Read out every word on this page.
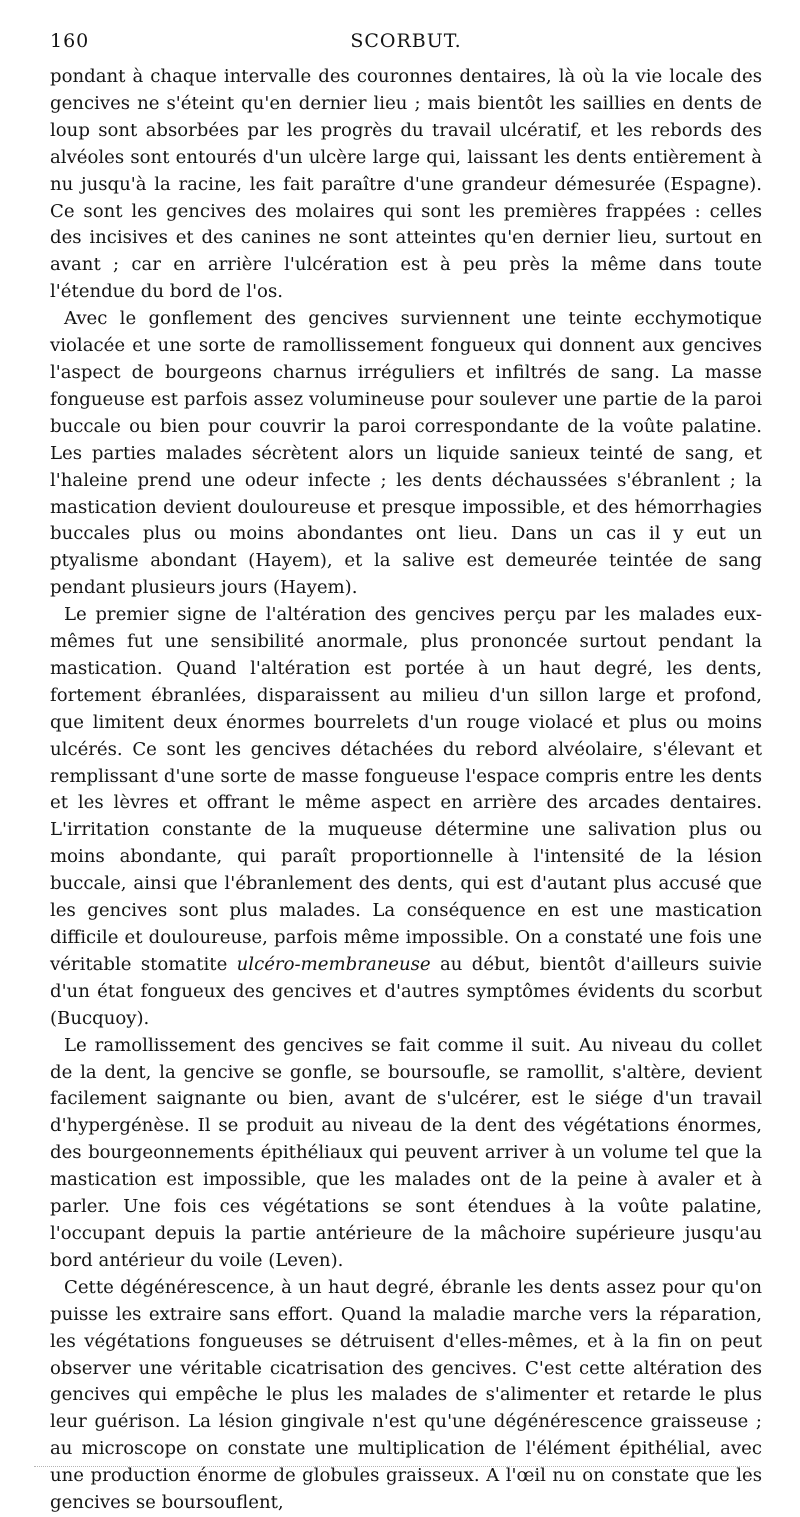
160	SCORBUT.

pondant à chaque intervalle des couronnes dentaires, là où la vie locale des gencives ne s'éteint qu'en dernier lieu ; mais bientôt les saillies en dents de loup sont absorbées par les progrès du travail ulcératif, et les rebords des alvéoles sont entourés d'un ulcère large qui, laissant les dents entièrement à nu jusqu'à la racine, les fait paraître d'une grandeur démesurée (Espagne). Ce sont les gencives des molaires qui sont les premières frappées : celles des incisives et des canines ne sont atteintes qu'en dernier lieu, surtout en avant ; car en arrière l'ulcération est à peu près la même dans toute l'étendue du bord de l'os.

Avec le gonflement des gencives surviennent une teinte ecchymotique violacée et une sorte de ramollissement fongueux qui donnent aux gencives l'aspect de bourgeons charnus irréguliers et infiltrés de sang. La masse fongueuse est parfois assez volumineuse pour soulever une partie de la paroi buccale ou bien pour couvrir la paroi correspondante de la voûte palatine. Les parties malades sécrètent alors un liquide sanieux teinté de sang, et l'haleine prend une odeur infecte ; les dents déchaussées s'ébranlent ; la mastication devient douloureuse et presque impossible, et des hémorrhagies buccales plus ou moins abondantes ont lieu. Dans un cas il y eut un ptyalisme abondant (Hayem), et la salive est demeurée teintée de sang pendant plusieurs jours (Hayem).

Le premier signe de l'altération des gencives perçu par les malades eux-mêmes fut une sensibilité anormale, plus prononcée surtout pendant la mastication. Quand l'altération est portée à un haut degré, les dents, fortement ébranlées, disparaissent au milieu d'un sillon large et profond, que limitent deux énormes bourrelets d'un rouge violacé et plus ou moins ulcérés. Ce sont les gencives détachées du rebord alvéolaire, s'élevant et remplissant d'une sorte de masse fongueuse l'espace compris entre les dents et les lèvres et offrant le même aspect en arrière des arcades dentaires. L'irritation constante de la muqueuse détermine une salivation plus ou moins abondante, qui paraît proportionnelle à l'intensité de la lésion buccale, ainsi que l'ébranlement des dents, qui est d'autant plus accusé que les gencives sont plus malades. La conséquence en est une mastication difficile et douloureuse, parfois même impossible. On a constaté une fois une véritable stomatite ulcéro-membraneuse au début, bientôt d'ailleurs suivie d'un état fongueux des gencives et d'autres symptômes évidents du scorbut (Bucquoy).

Le ramollissement des gencives se fait comme il suit. Au niveau du collet de la dent, la gencive se gonfle, se boursoufle, se ramollit, s'altère, devient facilement saignante ou bien, avant de s'ulcérer, est le siége d'un travail d'hypergénèse. Il se produit au niveau de la dent des végétations énormes, des bourgeonnements épithéliaux qui peuvent arriver à un volume tel que la mastication est impossible, que les malades ont de la peine à avaler et à parler. Une fois ces végétations se sont étendues à la voûte palatine, l'occupant depuis la partie antérieure de la mâchoire supérieure jusqu'au bord antérieur du voile (Leven).

Cette dégénérescence, à un haut degré, ébranle les dents assez pour qu'on puisse les extraire sans effort. Quand la maladie marche vers la réparation, les végétations fongueuses se détruisent d'elles-mêmes, et à la fin on peut observer une véritable cicatrisation des gencives. C'est cette altération des gencives qui empêche le plus les malades de s'alimenter et retarde le plus leur guérison. La lésion gingivale n'est qu'une dégénérescence graisseuse ; au microscope on constate une multiplication de l'élément épithélial, avec une production énorme de globules graisseux. A l'œil nu on constate que les gencives se boursouflent,
